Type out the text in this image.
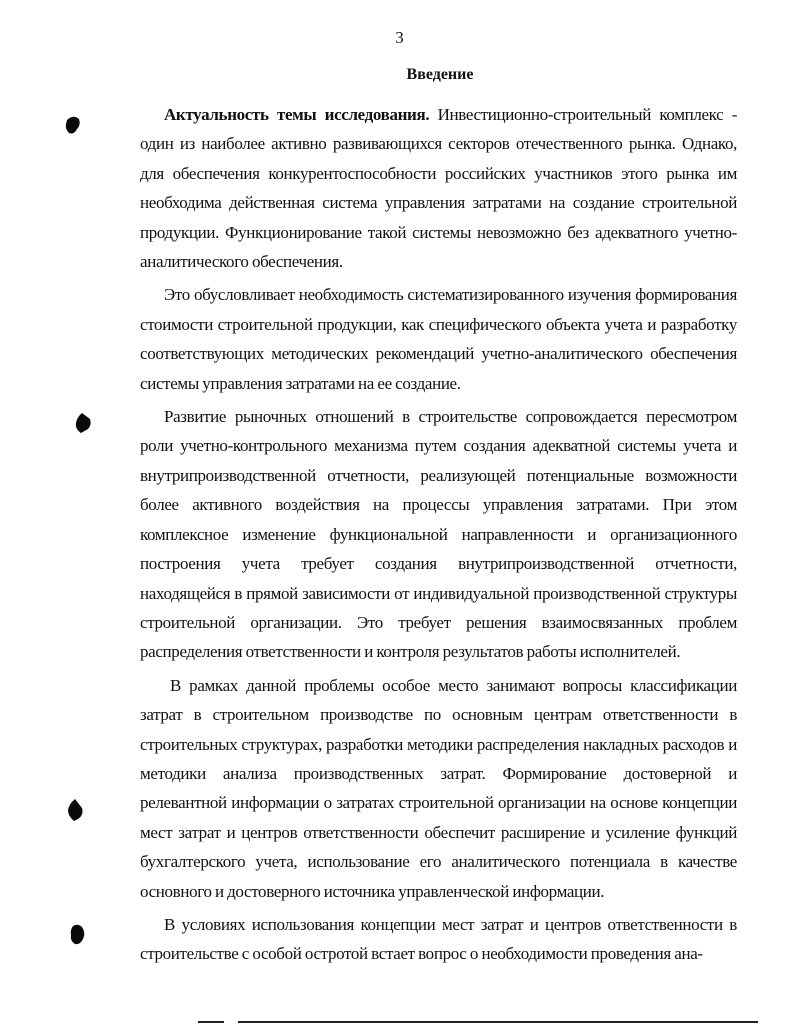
3
Введение

Актуальность темы исследования. Инвестиционно-строительный комплекс - один из наиболее активно развивающихся секторов отечественного рынка. Однако, для обеспечения конкурентоспособности российских участников этого рынка им необходима действенная система управления затратами на создание строительной продукции. Функционирование такой системы невозможно без адекватного учетно-аналитического обеспечения.

Это обусловливает необходимость систематизированного изучения формирования стоимости строительной продукции, как специфического объекта учета и разработку соответствующих методических рекомендаций учетно-аналитического обеспечения системы управления затратами на ее создание.

Развитие рыночных отношений в строительстве сопровождается пересмотром роли учетно-контрольного механизма путем создания адекватной системы учета и внутрипроизводственной отчетности, реализующей потенциальные возможности более активного воздействия на процессы управления затратами. При этом комплексное изменение функциональной направленности и организационного построения учета требует создания внутрипроизводственной отчетности, находящейся в прямой зависимости от индивидуальной производственной структуры строительной организации. Это требует решения взаимосвязанных проблем распределения ответственности и контроля результатов работы исполнителей.

В рамках данной проблемы особое место занимают вопросы классификации затрат в строительном производстве по основным центрам ответственности в строительных структурах, разработки методики распределения накладных расходов и методики анализа производственных затрат. Формирование достоверной и релевантной информации о затратах строительной организации на основе концепции мест затрат и центров ответственности обеспечит расширение и усиление функций бухгалтерского учета, использование его аналитического потенциала в качестве основного и достоверного источника управленческой информации.

В условиях использования концепции мест затрат и центров ответственности в строительстве с особой остротой встает вопрос о необходимости проведения ана-
